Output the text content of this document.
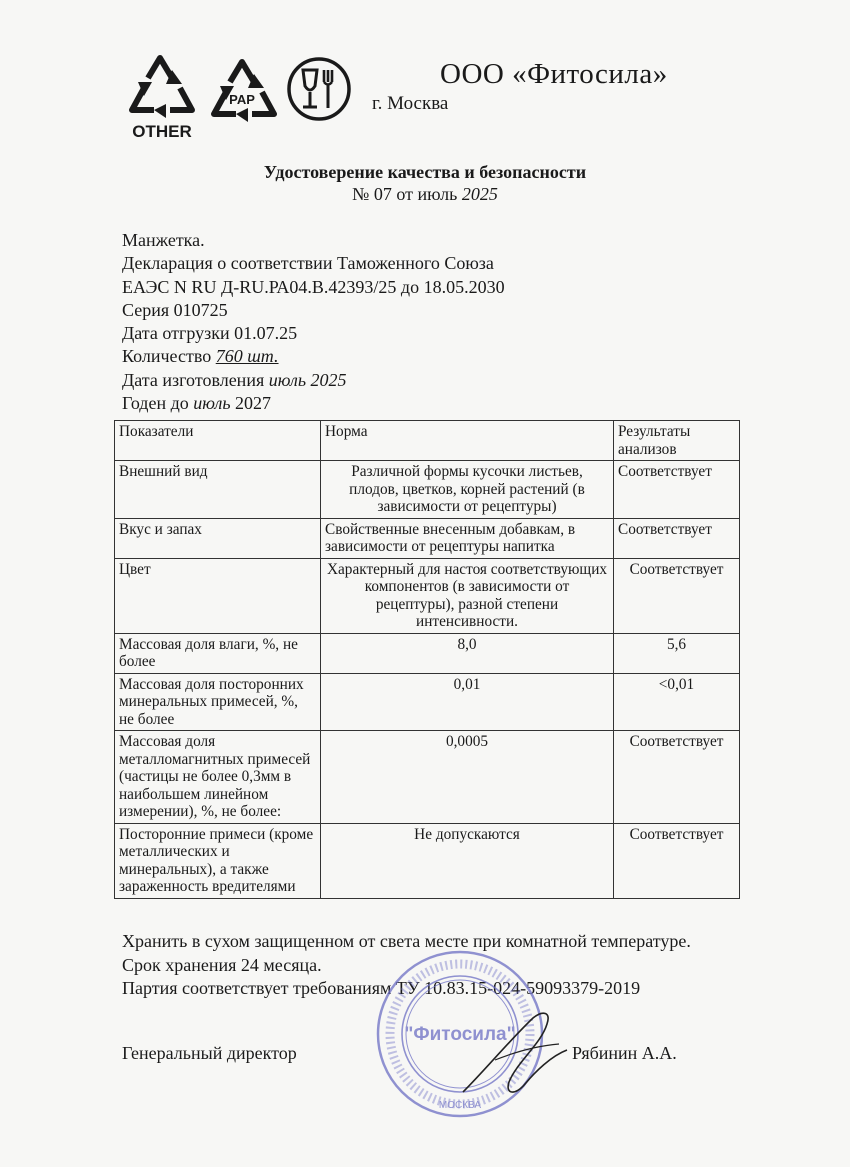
OTHER
PAP
ООО «Фитосила»
г. Москва
Удостоверение качества и безопасности
№ 07 от июль 2025
Манжетка.
Декларация о соответствии Таможенного Союза
ЕАЭС N RU Д-RU.РА04.В.42393/25 до 18.05.2030
Серия 010725
Дата отгрузки 01.07.25
Количество 760 шт.
Дата изготовления июль 2025
Годен до июль 2027
Показатели	Норма	Результаты анализов
Внешний вид	Различной формы кусочки листьев, плодов, цветков, корней растений (в зависимости от рецептуры)	Соответствует
Вкус и запах	Свойственные внесенным добавкам, в зависимости от рецептуры напитка	Соответствует
Цвет	Характерный для настоя соответствующих компонентов (в зависимости от рецептуры), разной степени интенсивности.	Соответствует
Массовая доля влаги, %, не более	8,0	5,6
Массовая доля посторонних минеральных примесей, %, не более	0,01	<0,01
Массовая доля металломагнитных примесей (частицы не более 0,3мм в наибольшем линейном измерении), %, не более:	0,0005	Соответствует
Посторонние примеси (кроме металлических и минеральных), а также зараженность вредителями	Не допускаются	Соответствует
Хранить в сухом защищенном от света месте при комнатной температуре.
Срок хранения 24 месяца.
Партия соответствует требованиям ТУ 10.83.15-024-59093379-2019
"Фитосила"
МОСКВА
Генеральный директор	Рябинин А.А.
